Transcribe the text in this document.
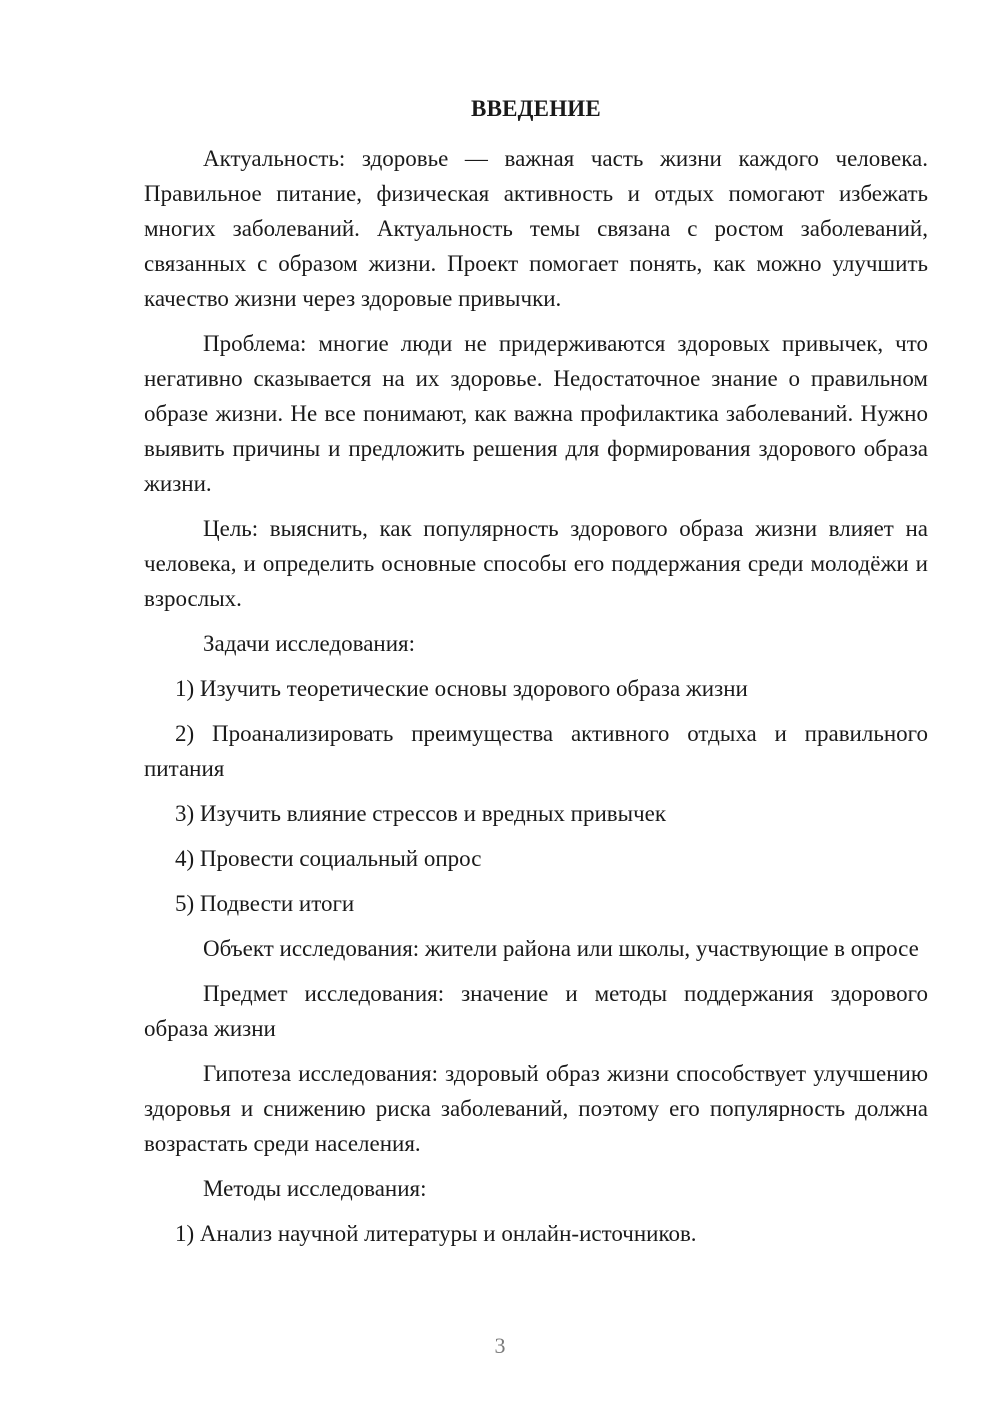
ВВЕДЕНИЕ

Актуальность: здоровье — важная часть жизни каждого человека. Правильное питание, физическая активность и отдых помогают избежать многих заболеваний. Актуальность темы связана с ростом заболеваний, связанных с образом жизни. Проект помогает понять, как можно улучшить качество жизни через здоровые привычки.

Проблема: многие люди не придерживаются здоровых привычек, что негативно сказывается на их здоровье. Недостаточное знание о правильном образе жизни. Не все понимают, как важна профилактика заболеваний. Нужно выявить причины и предложить решения для формирования здорового образа жизни.

Цель: выяснить, как популярность здорового образа жизни влияет на человека, и определить основные способы его поддержания среди молодёжи и взрослых.

Задачи исследования:

1) Изучить теоретические основы здорового образа жизни

2) Проанализировать преимущества активного отдыха и правильного питания

3) Изучить влияние стрессов и вредных привычек

4) Провести социальный опрос

5) Подвести итоги

Объект исследования: жители района или школы, участвующие в опросе

Предмет исследования: значение и методы поддержания здорового образа жизни

Гипотеза исследования: здоровый образ жизни способствует улучшению здоровья и снижению риска заболеваний, поэтому его популярность должна возрастать среди населения.

Методы исследования:

1) Анализ научной литературы и онлайн-источников.

3
